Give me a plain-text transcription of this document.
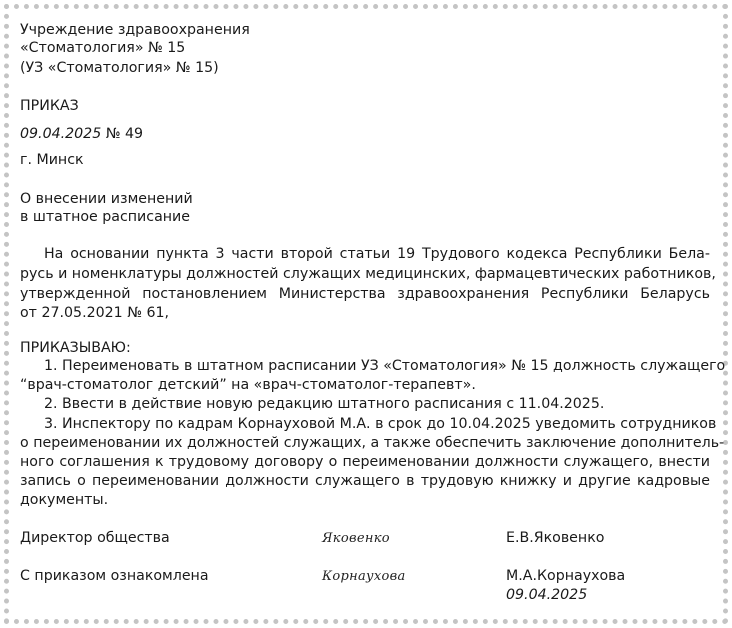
Учреждение здравоохранения
«Стоматология» № 15
(УЗ «Стоматология» № 15)
ПРИКАЗ
09.04.2025 № 49
г. Минск
О внесении изменений
в штатное расписание
На основании пункта 3 части второй статьи 19 Трудового кодекса Республики Бела-
русь и номенклатуры должностей служащих медицинских, фармацевтических работников,
утвержденной постановлением Министерства здравоохранения Республики Беларусь
от 27.05.2021 № 61,
ПРИКАЗЫВАЮ:
1. Переименовать в штатном расписании УЗ «Стоматология» № 15 должность служащего
“врач-стоматолог детский” на «врач-стоматолог-терапевт».
2. Ввести в действие новую редакцию штатного расписания с 11.04.2025.
3. Инспектору по кадрам Корнауховой М.А. в срок до 10.04.2025 уведомить сотрудников
о переименовании их должностей служащих, а также обеспечить заключение дополнитель-
ного соглашения к трудовому договору о переименовании должности служащего, внести
запись о переименовании должности служащего в трудовую книжку и другие кадровые
документы.
Директор общества	Яковенко	Е.В.Яковенко
С приказом ознакомлена	Корнаухова	М.А.Корнаухова
09.04.2025
